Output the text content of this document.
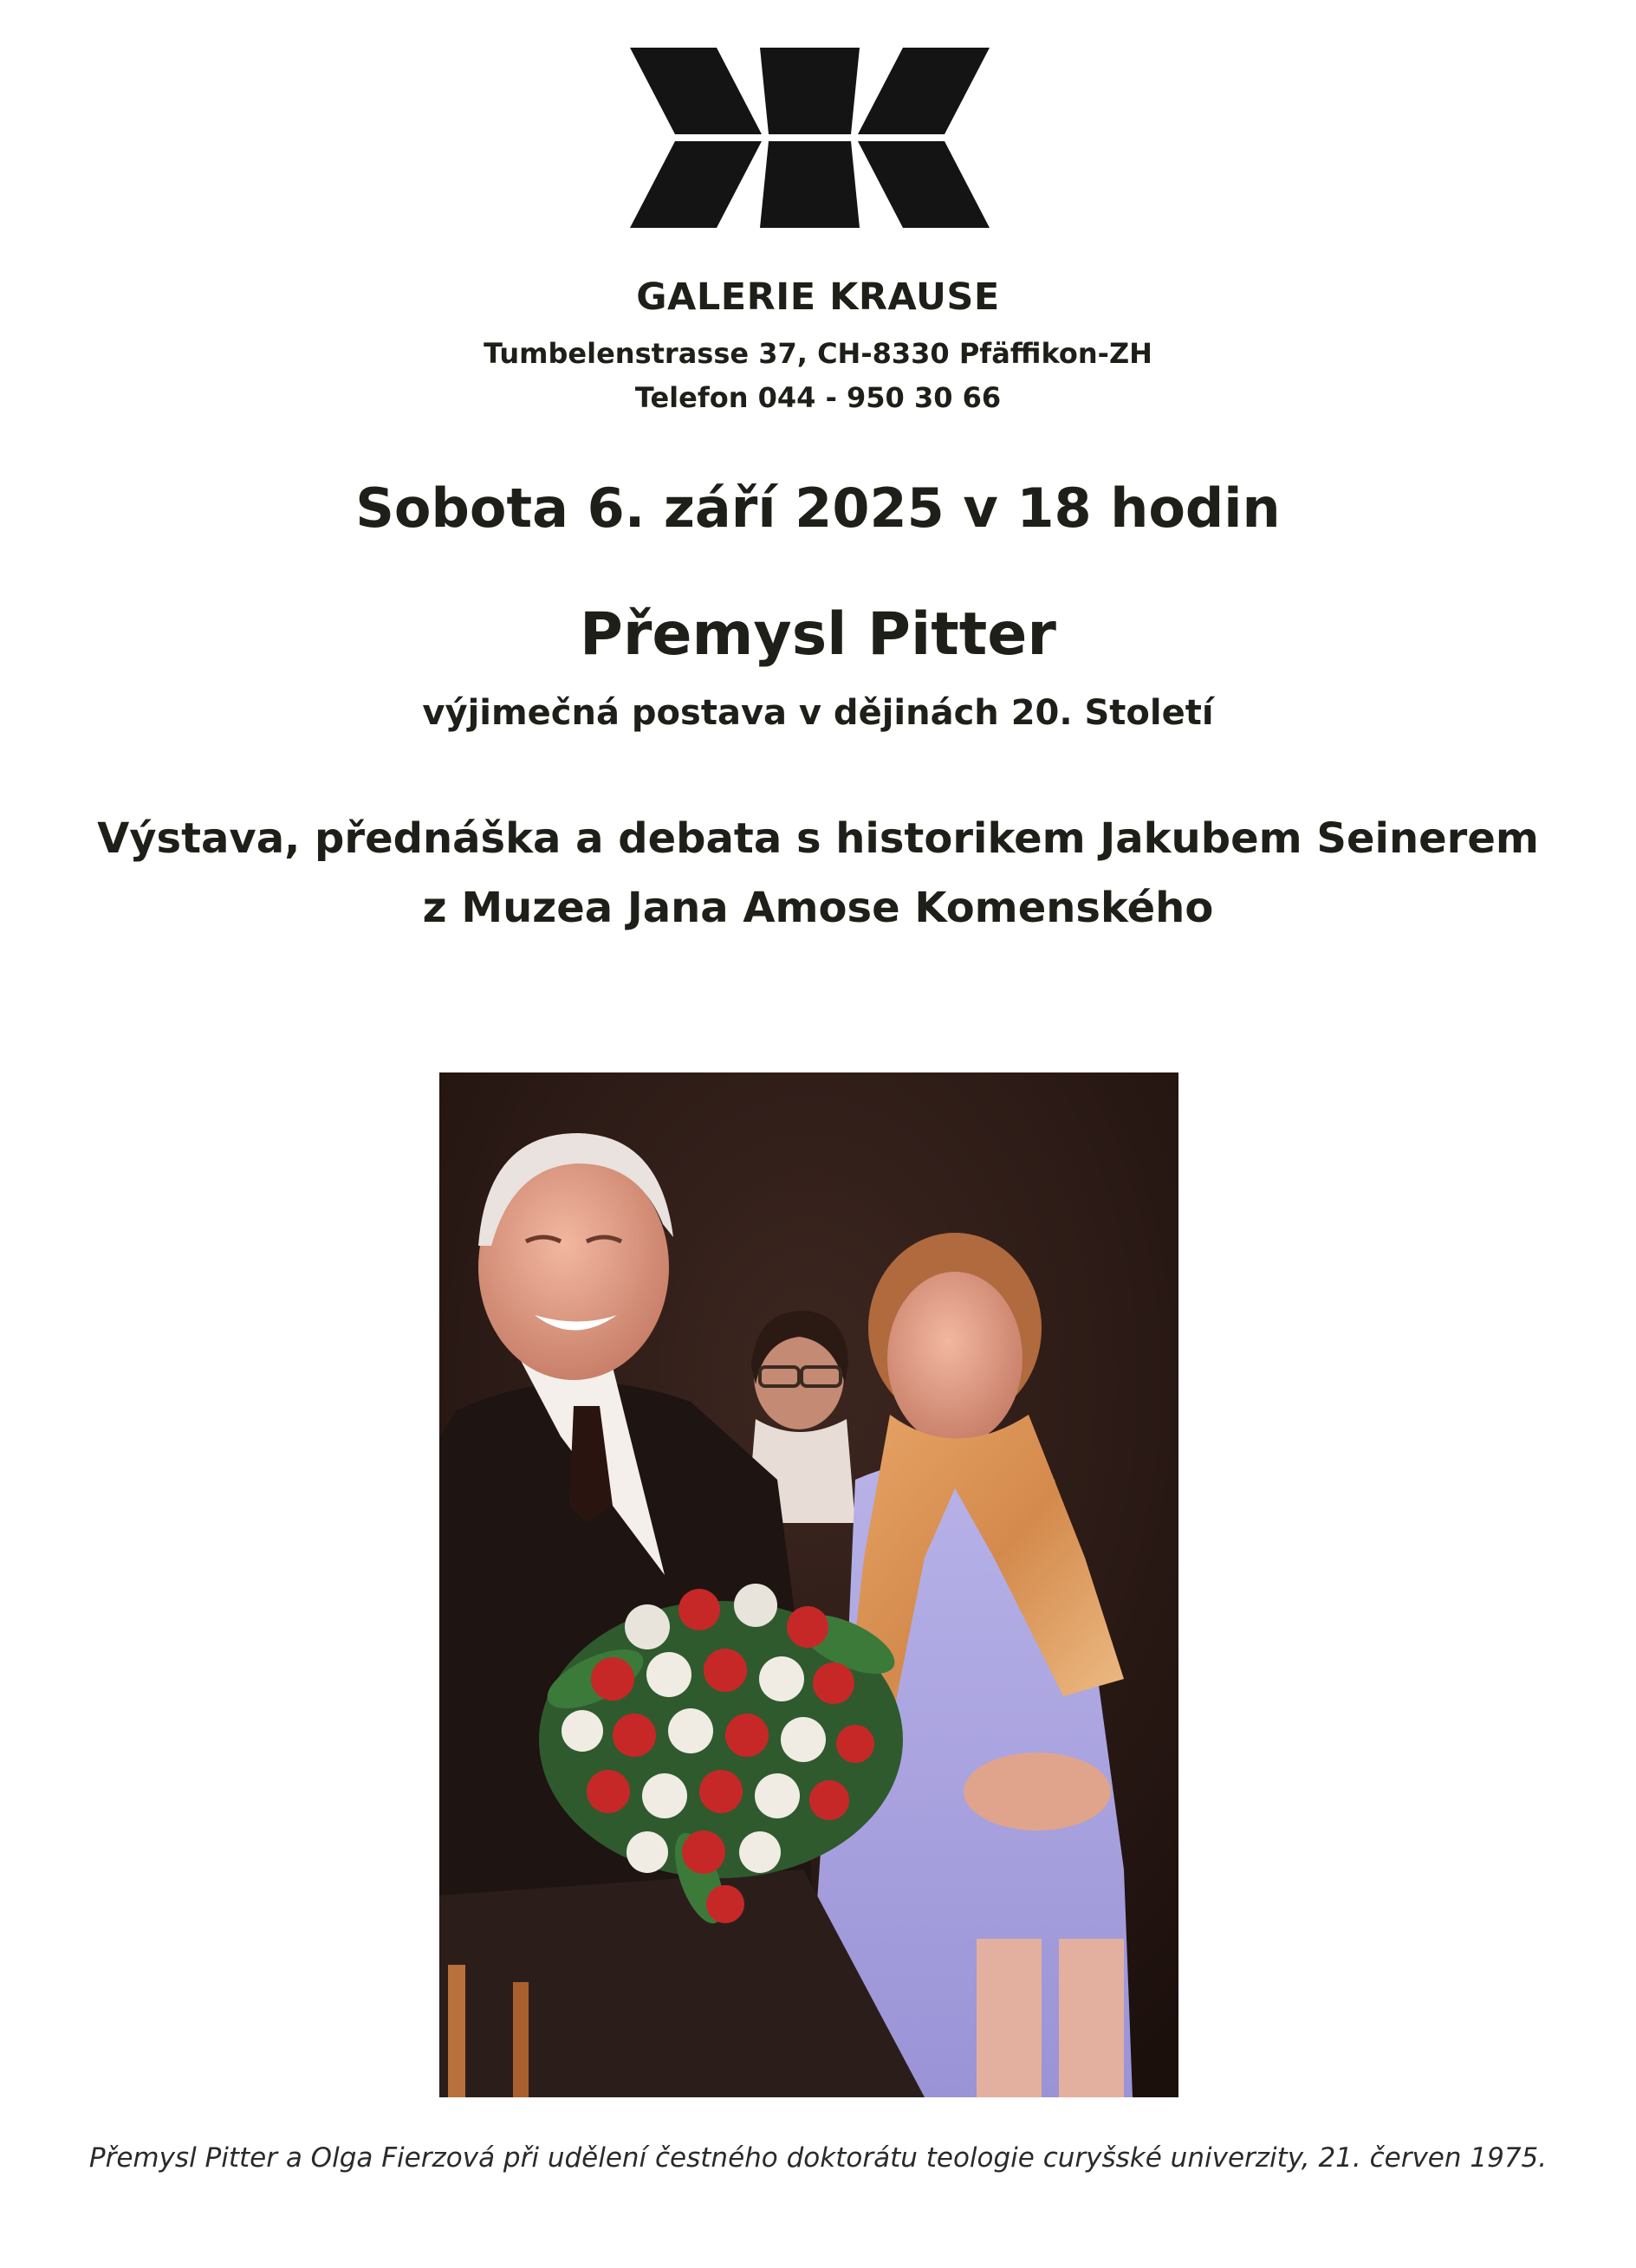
GALERIE KRAUSE
Tumbelenstrasse 37, CH-8330 Pfäffikon-ZH
Telefon 044 - 950 30 66
Sobota 6. září 2025 v 18 hodin
Přemysl Pitter
výjimečná postava v dějinách 20. Století
Výstava, přednáška a debata s historikem Jakubem Seinerem
z Muzea Jana Amose Komenského
Přemysl Pitter a Olga Fierzová při udělení čestného doktorátu teologie curyšské univerzity, 21. červen 1975.
